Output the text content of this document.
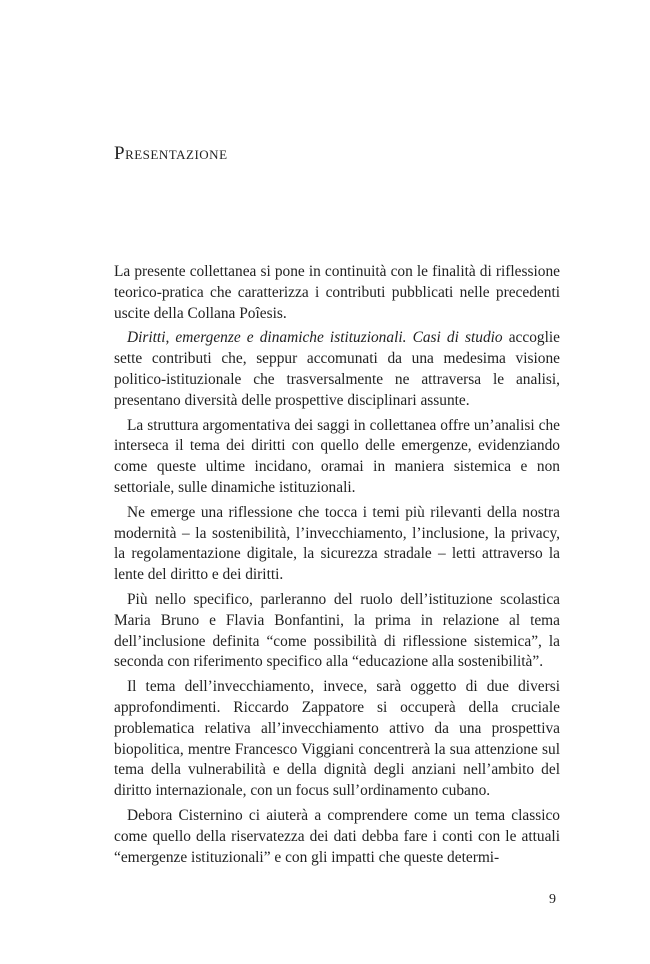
Presentazione

La presente collettanea si pone in continuità con le finalità di riflessione teorico-pratica che caratterizza i contributi pubblicati nelle precedenti uscite della Collana Poîesis.

Diritti, emergenze e dinamiche istituzionali. Casi di studio accoglie sette contributi che, seppur accomunati da una medesima visione politico-istituzionale che trasversalmente ne attraversa le analisi, presentano diversità delle prospettive disciplinari assunte.

La struttura argomentativa dei saggi in collettanea offre un’analisi che interseca il tema dei diritti con quello delle emergenze, evidenziando come queste ultime incidano, oramai in maniera sistemica e non settoriale, sulle dinamiche istituzionali.

Ne emerge una riflessione che tocca i temi più rilevanti della nostra modernità – la sostenibilità, l’invecchiamento, l’inclusione, la privacy, la regolamentazione digitale, la sicurezza stradale – letti attraverso la lente del diritto e dei diritti.

Più nello specifico, parleranno del ruolo dell’istituzione scolastica Maria Bruno e Flavia Bonfantini, la prima in relazione al tema dell’inclusione definita “come possibilità di riflessione sistemica”, la seconda con riferimento specifico alla “educazione alla sostenibilità”.

Il tema dell’invecchiamento, invece, sarà oggetto di due diversi approfondimenti. Riccardo Zappatore si occuperà della cruciale problematica relativa all’invecchiamento attivo da una prospettiva biopolitica, mentre Francesco Viggiani concentrerà la sua attenzione sul tema della vulnerabilità e della dignità degli anziani nell’ambito del diritto internazionale, con un focus sull’ordinamento cubano.

Debora Cisternino ci aiuterà a comprendere come un tema classico come quello della riservatezza dei dati debba fare i conti con le attuali “emergenze istituzionali” e con gli impatti che queste determi-

9
